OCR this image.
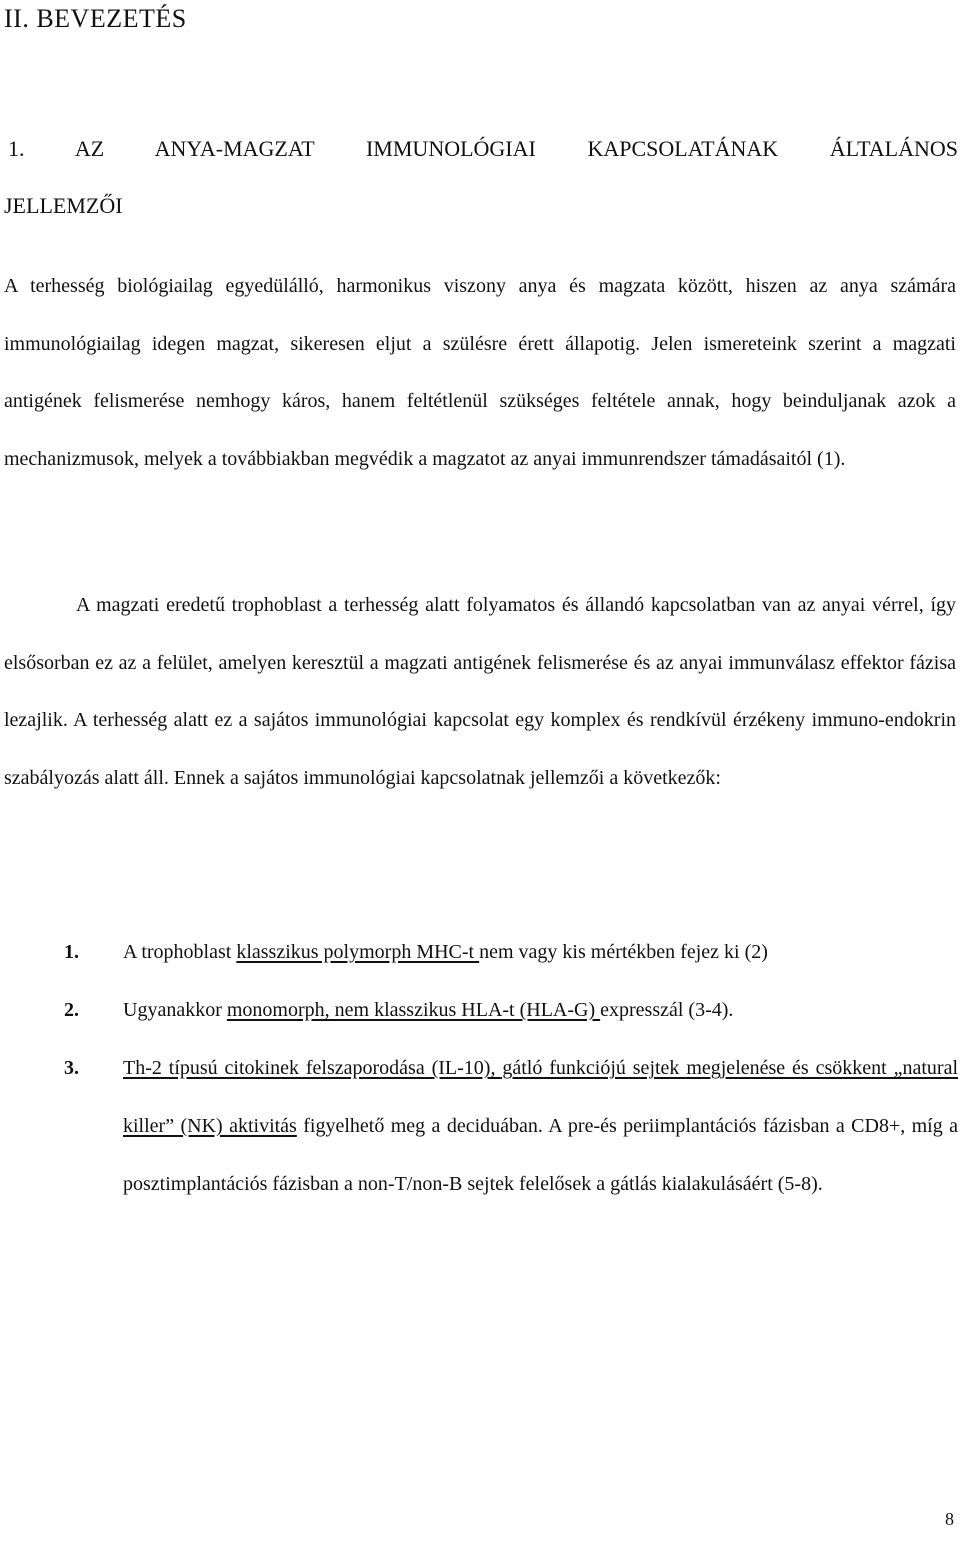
II. BEVEZETÉS
1. AZ ANYA-MAGZAT IMMUNOLÓGIAI KAPCSOLATÁNAK ÁLTALÁNOS
JELLEMZŐI

A terhesség biológiailag egyedülálló, harmonikus viszony anya és magzata között, hiszen az anya számára immunológiailag idegen magzat, sikeresen eljut a szülésre érett állapotig. Jelen ismereteink szerint a magzati antigének felismerése nemhogy káros, hanem feltétlenül szükséges feltétele annak, hogy beinduljanak azok a mechanizmusok, melyek a továbbiakban megvédik a magzatot az anyai immunrendszer támadásaitól (1).

A magzati eredetű trophoblast a terhesség alatt folyamatos és állandó kapcsolatban van az anyai vérrel, így elsősorban ez az a felület, amelyen keresztül a magzati antigének felismerése és az anyai immunválasz effektor fázisa lezajlik. A terhesség alatt ez a sajátos immunológiai kapcsolat egy komplex és rendkívül érzékeny immuno-endokrin szabályozás alatt áll. Ennek a sajátos immunológiai kapcsolatnak jellemzői a következők:

1. A trophoblast klasszikus polymorph MHC-t nem vagy kis mértékben fejez ki (2)
2. Ugyanakkor monomorph, nem klasszikus HLA-t (HLA-G) expresszál (3-4).
3. Th-2 típusú citokinek felszaporodása (IL-10), gátló funkciójú sejtek megjelenése és csökkent „natural killer” (NK) aktivitás figyelhető meg a deciduában. A pre-és periimplantációs fázisban a CD8+, míg a posztimplantációs fázisban a non-T/non-B sejtek felelősek a gátlás kialakulásáért (5-8).
8
